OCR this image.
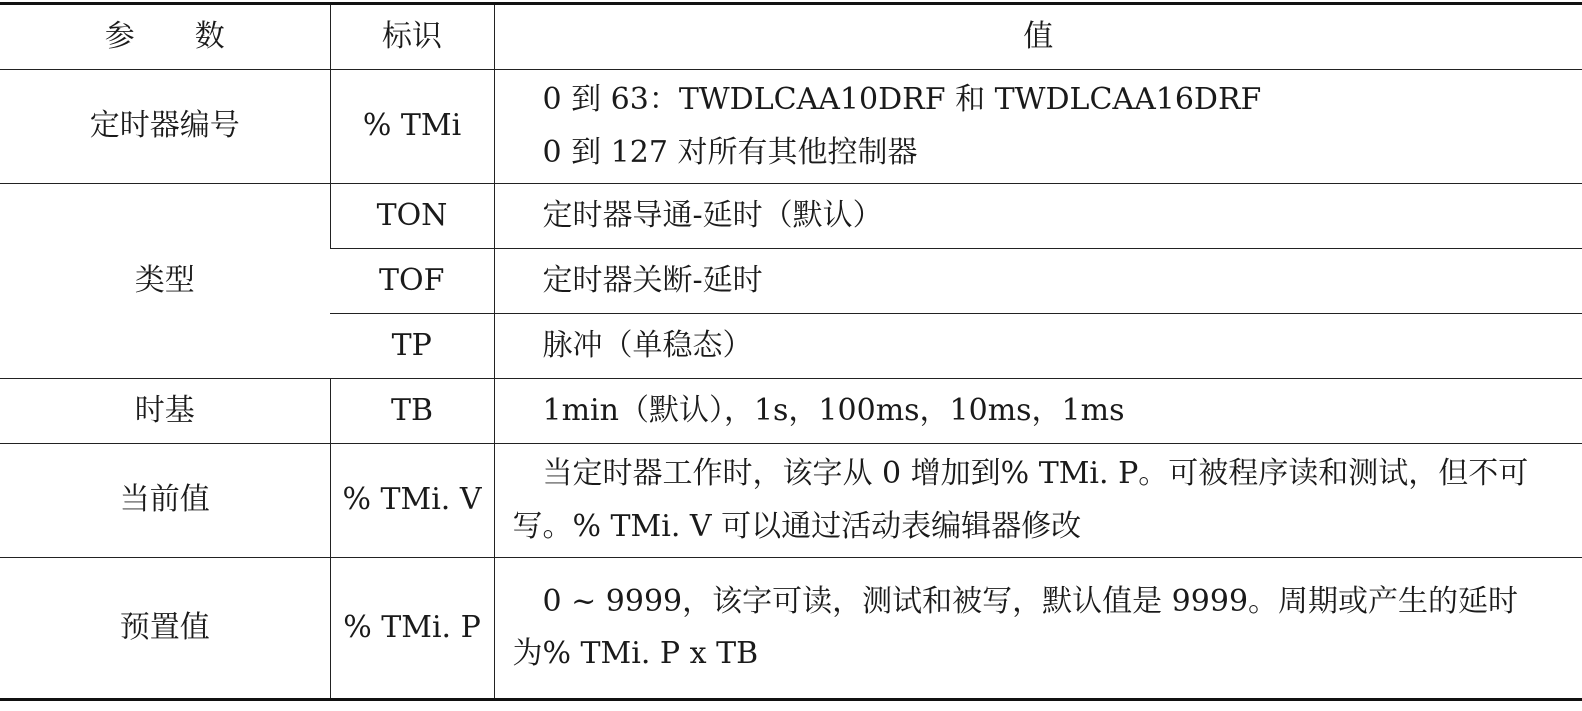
参　　数	标识	值
定时器编号	% TMi	0 到 63：TWDLCAA10DRF 和 TWDLCAA16DRF
0 到 127 对所有其他控制器

类型	TON	定时器导通-延时（默认）
	TOF	定时器关断-延时
	TP	脉冲（单稳态）
时基	TB	1min（默认），1s，100ms，10ms，1ms
当前值	% TMi. V	当定时器工作时，该字从 0 增加到% TMi. P。可被程序读和测试，但不可写。% TMi. V 可以通过活动表编辑器修改

预置值	% TMi. P	0 ~ 9999，该字可读，测试和被写，默认值是 9999。周期或产生的延时为% TMi. P x TB
